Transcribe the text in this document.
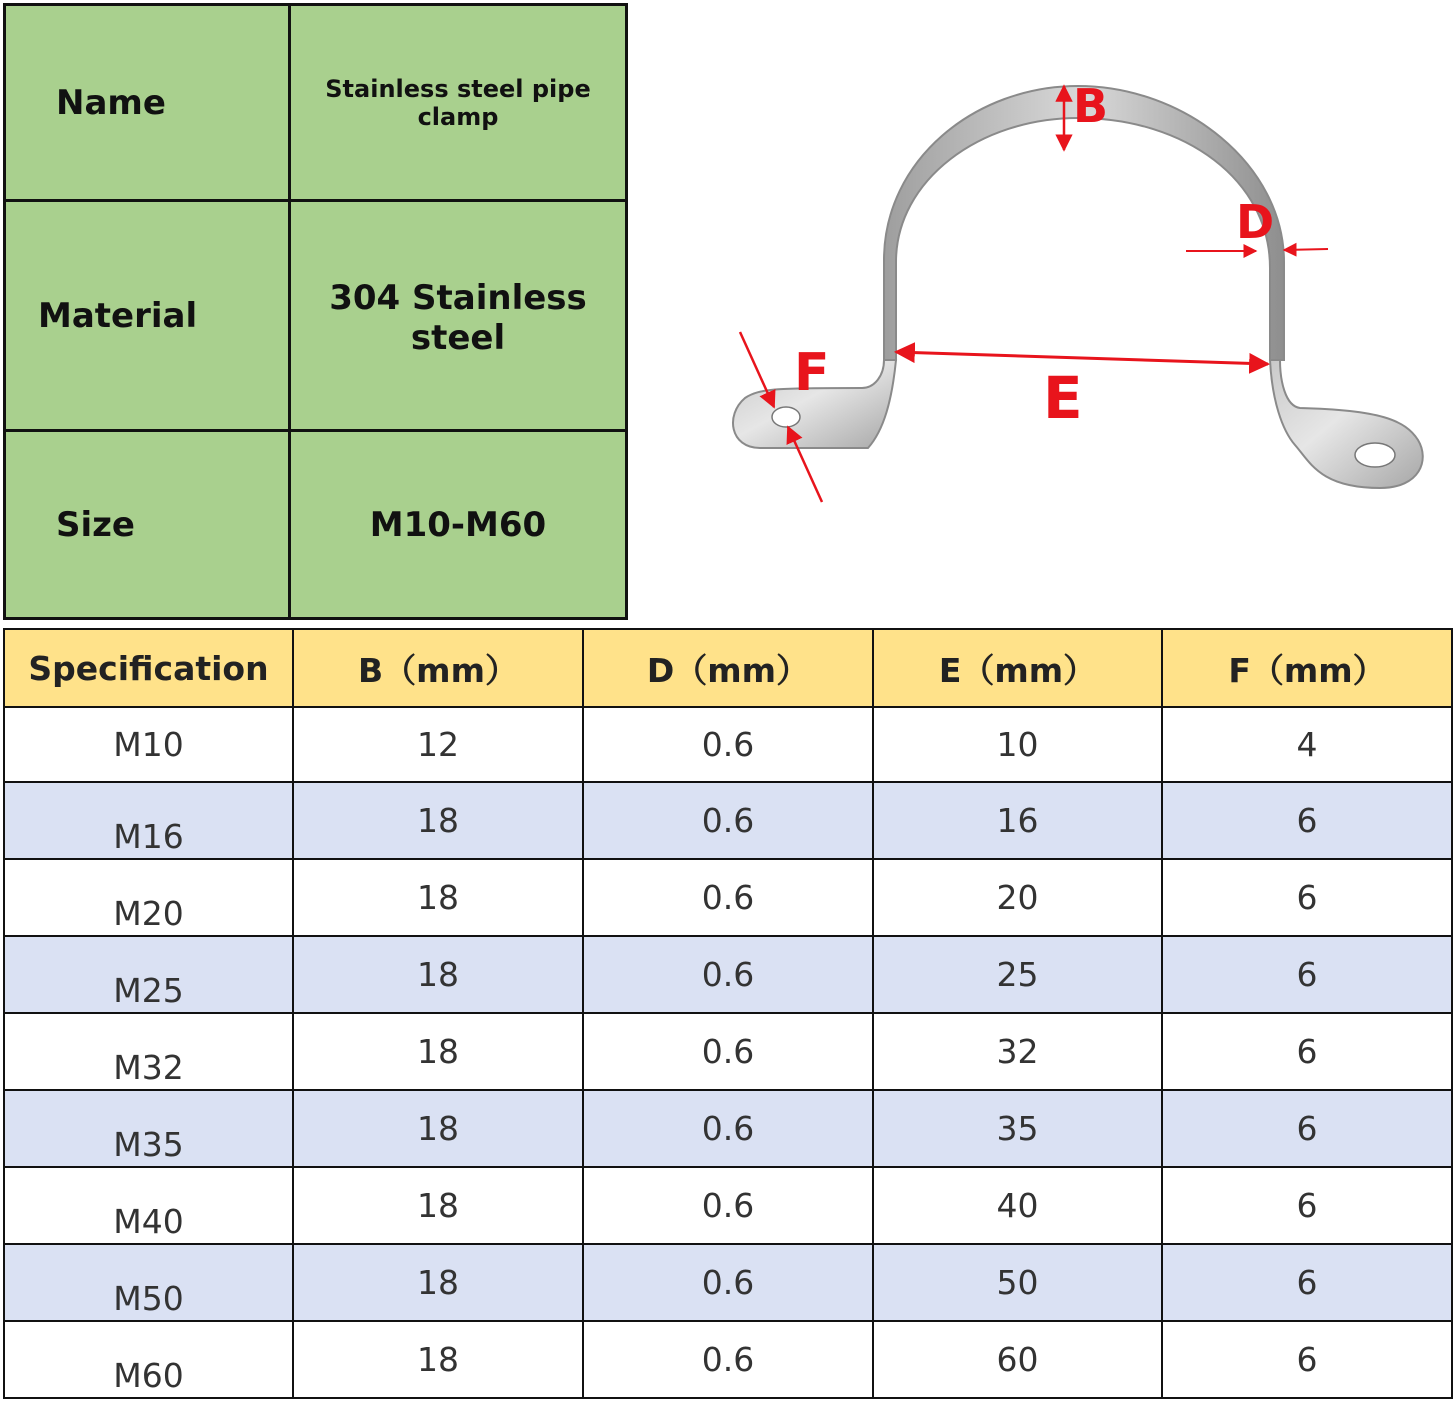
Name	Stainless steel pipe clamp
Material	304 Stainless steel
Size	M10-M60
B
D
E
F
Specification	B（mm）	D（mm）	E（mm）	F（mm）
M10	12	0.6	10	4
M16	18	0.6	16	6
M20	18	0.6	20	6
M25	18	0.6	25	6
M32	18	0.6	32	6
M35	18	0.6	35	6
M40	18	0.6	40	6
M50	18	0.6	50	6
M60	18	0.6	60	6
